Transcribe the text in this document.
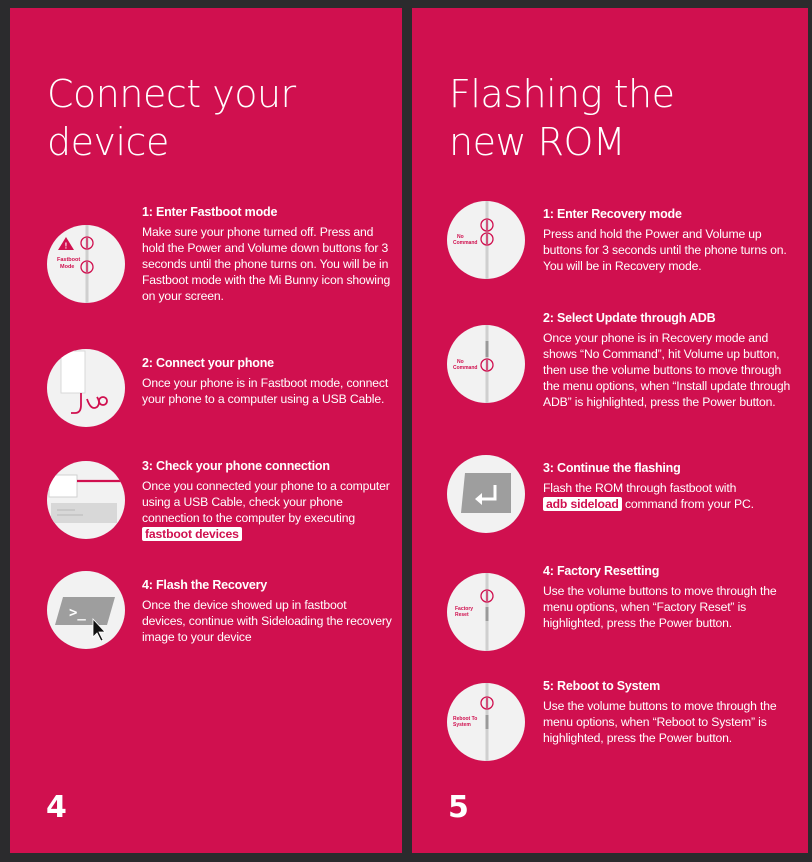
Connect your
device
!
Fastboot
Mode
1: Enter Fastboot mode
Make sure your phone turned off. Press and hold the Power and Volume down buttons for 3 seconds until the phone turns on. You will be in Fastboot mode with the Mi Bunny icon showing on your screen.
2: Connect your phone
Once your phone is in Fastboot mode, connect your phone to a computer using a USB Cable.
3: Check your phone connection
Once you connected your phone to a computer using a USB Cable, check your phone connection to the computer by executing fastboot devices
>_
4: Flash the Recovery
Once the device showed up in fastboot devices, continue with Sideloading the recovery image to your device
4
Flashing the
new ROM
No
Command
1: Enter Recovery mode
Press and hold the Power and Volume up buttons for 3 seconds until the phone turns on. You will be in Recovery mode.
No
Command
2: Select Update through ADB
Once your phone is in Recovery mode and shows “No Command”, hit Volume up button, then use the volume buttons to move through the menu options, when “Install update through ADB” is highlighted, press the Power button.
3: Continue the flashing
Flash the ROM through fastboot with
adb sideload command from your PC.
Factory
Reset
4: Factory Resetting
Use the volume buttons to move through the menu options, when “Factory Reset” is highlighted, press the Power button.
Reboot To
System
5: Reboot to System
Use the volume buttons to move through the menu options, when “Reboot to System” is highlighted, press the Power button.
5
